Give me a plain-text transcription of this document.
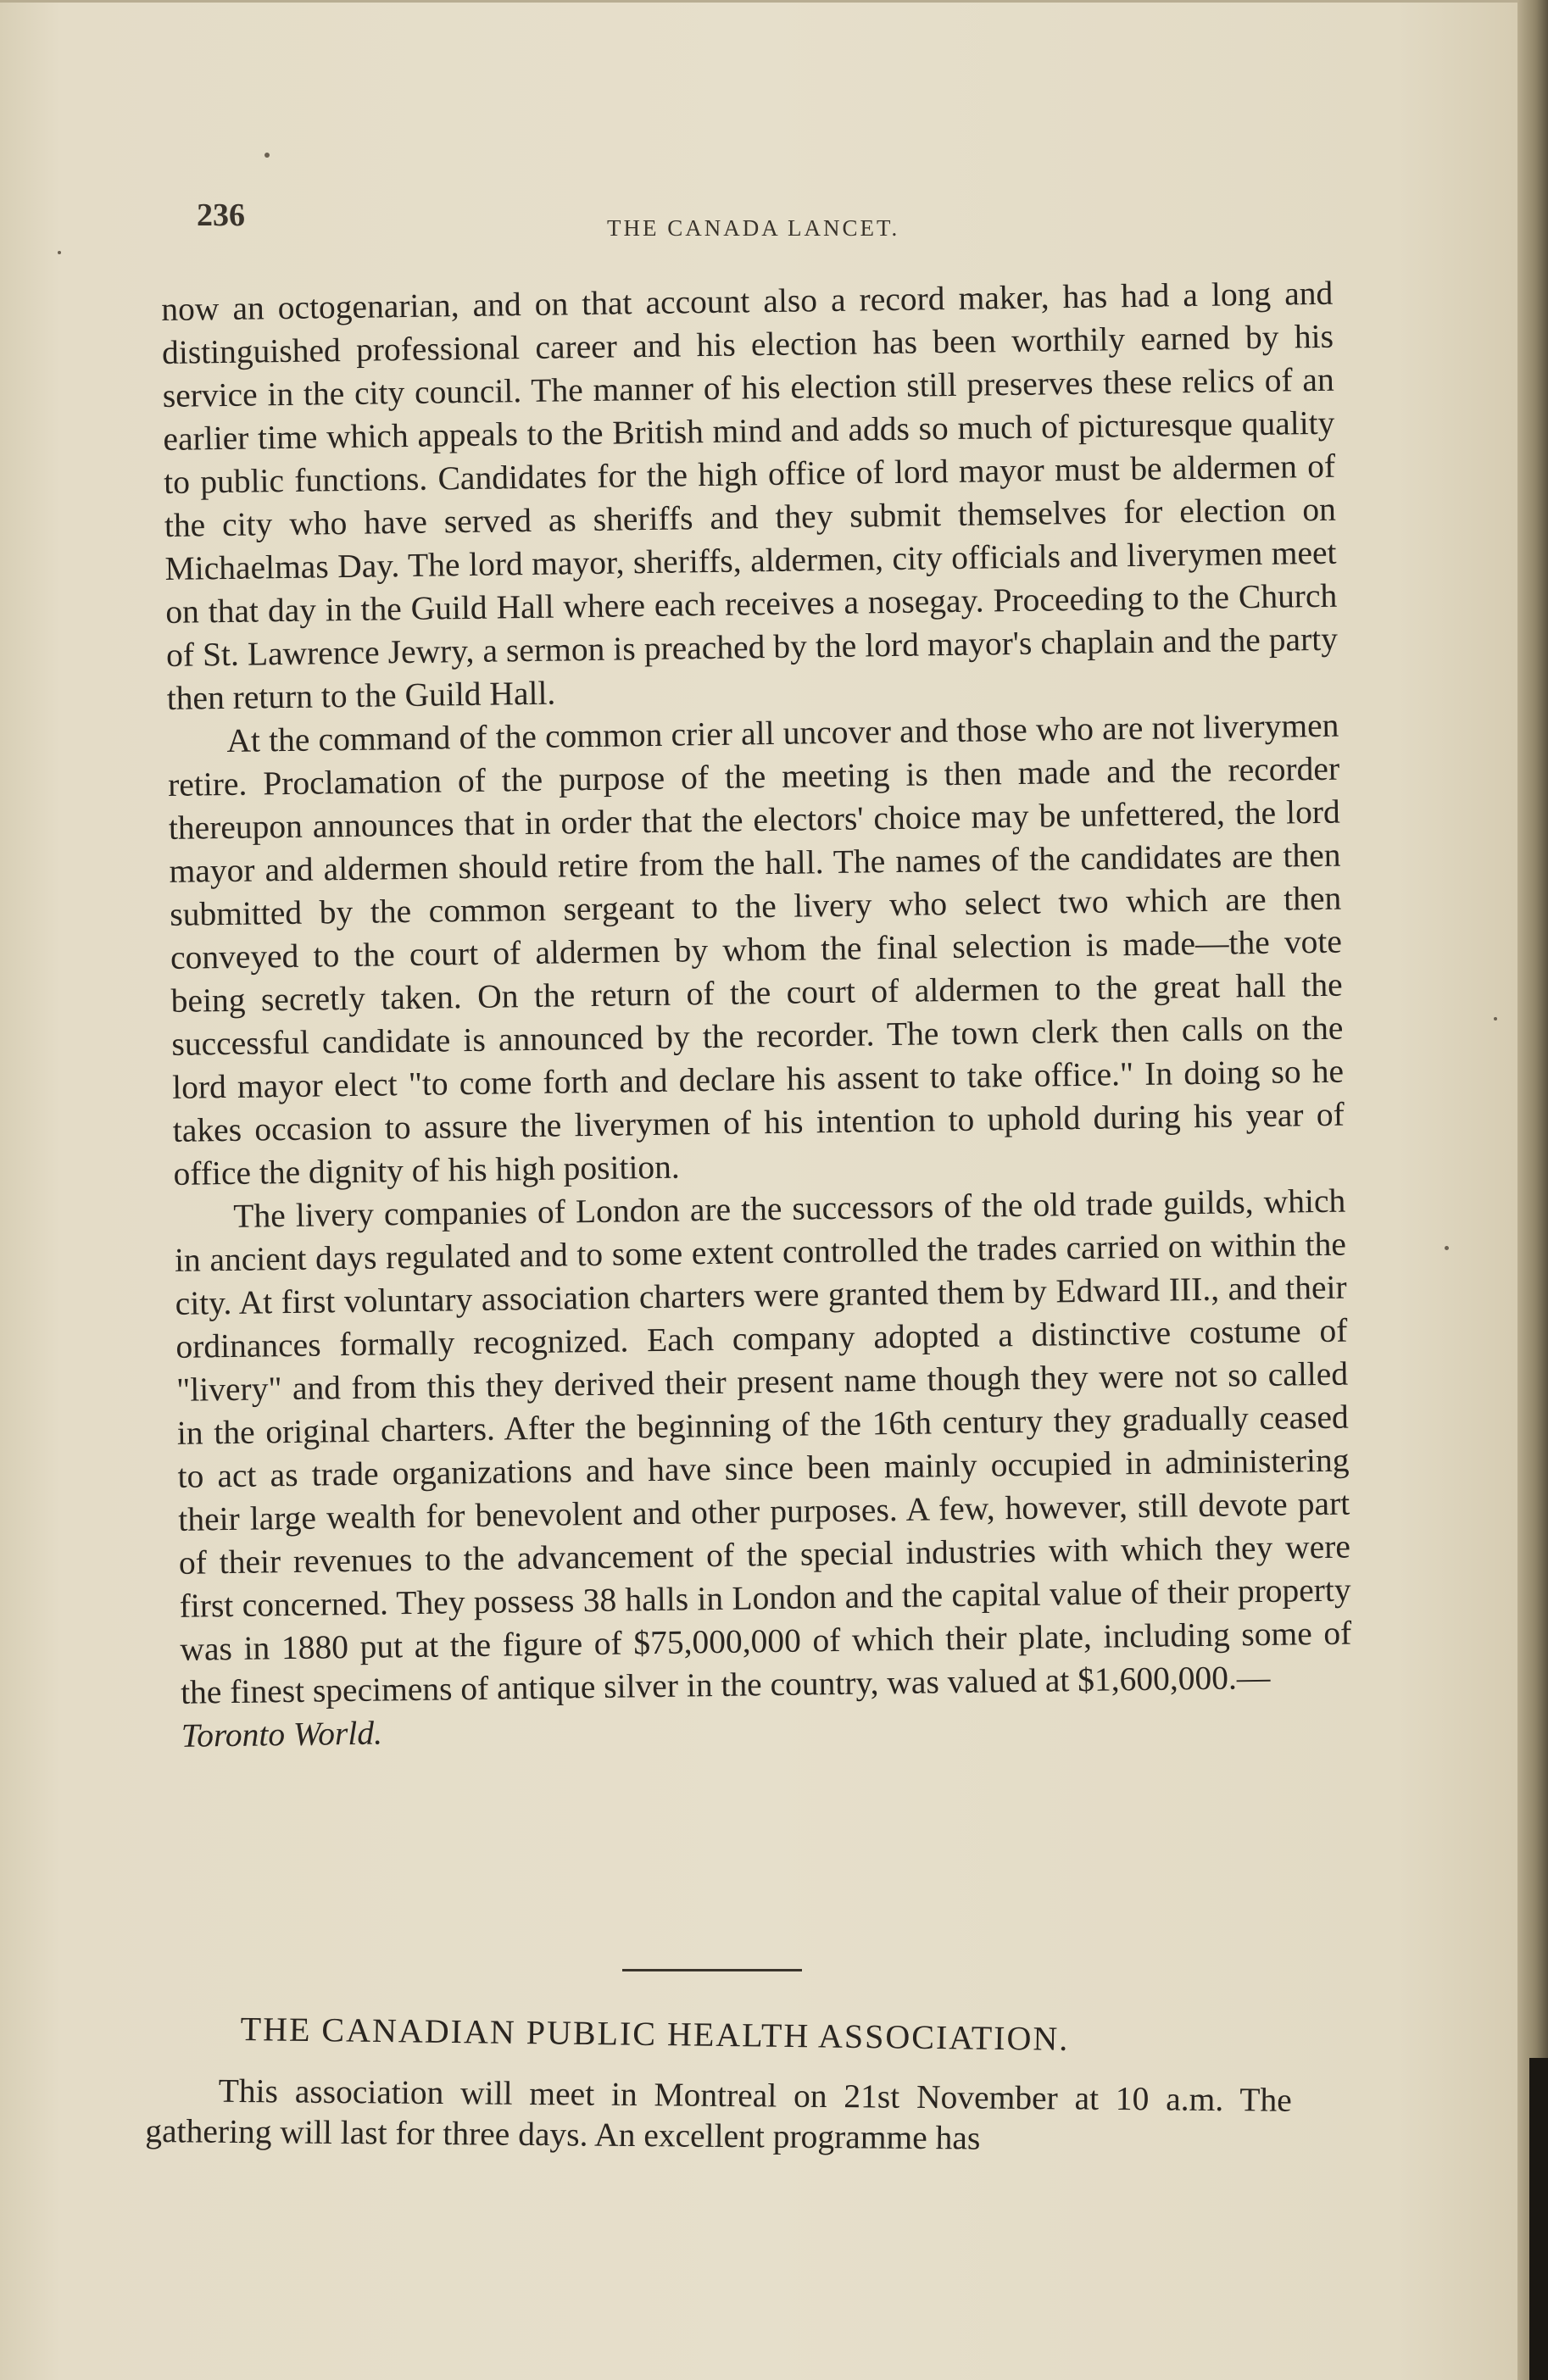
236	THE CANADA LANCET.

now an octogenarian, and on that account also a record maker, has had a long and distinguished professional career and his election has been worthily earned by his service in the city council. The manner of his election still preserves these relics of an earlier time which appeals to the British mind and adds so much of picturesque quality to public functions. Candidates for the high office of lord mayor must be aldermen of the city who have served as sheriffs and they submit themselves for election on Michaelmas Day. The lord mayor, sheriffs, aldermen, city officials and liverymen meet on that day in the Guild Hall where each receives a nosegay. Proceeding to the Church of St. Lawrence Jewry, a sermon is preached by the lord mayor's chaplain and the party then return to the Guild Hall.

At the command of the common crier all uncover and those who are not liverymen retire. Proclamation of the purpose of the meeting is then made and the recorder thereupon announces that in order that the electors' choice may be unfettered, the lord mayor and aldermen should retire from the hall. The names of the candidates are then submitted by the common sergeant to the livery who select two which are then conveyed to the court of aldermen by whom the final selection is made—the vote being secretly taken. On the return of the court of aldermen to the great hall the successful candidate is announced by the recorder. The town clerk then calls on the lord mayor elect "to come forth and declare his assent to take office." In doing so he takes occasion to assure the liverymen of his intention to uphold during his year of office the dignity of his high position.

The livery companies of London are the successors of the old trade guilds, which in ancient days regulated and to some extent controlled the trades carried on within the city. At first voluntary association charters were granted them by Edward III., and their ordinances formally recognized. Each company adopted a distinctive costume of "livery" and from this they derived their present name though they were not so called in the original charters. After the beginning of the 16th century they gradually ceased to act as trade organizations and have since been mainly occupied in administering their large wealth for benevolent and other purposes. A few, however, still devote part of their revenues to the advancement of the special industries with which they were first concerned. They possess 38 halls in London and the capital value of their property was in 1880 put at the figure of $75,000,000 of which their plate, including some of the finest specimens of antique silver in the country, was valued at $1,600,000.—

Toronto World.

THE CANADIAN PUBLIC HEALTH ASSOCIATION.
This association will meet in Montreal on 21st November at 10 a.m. The gathering will last for three days. An excellent programme has
